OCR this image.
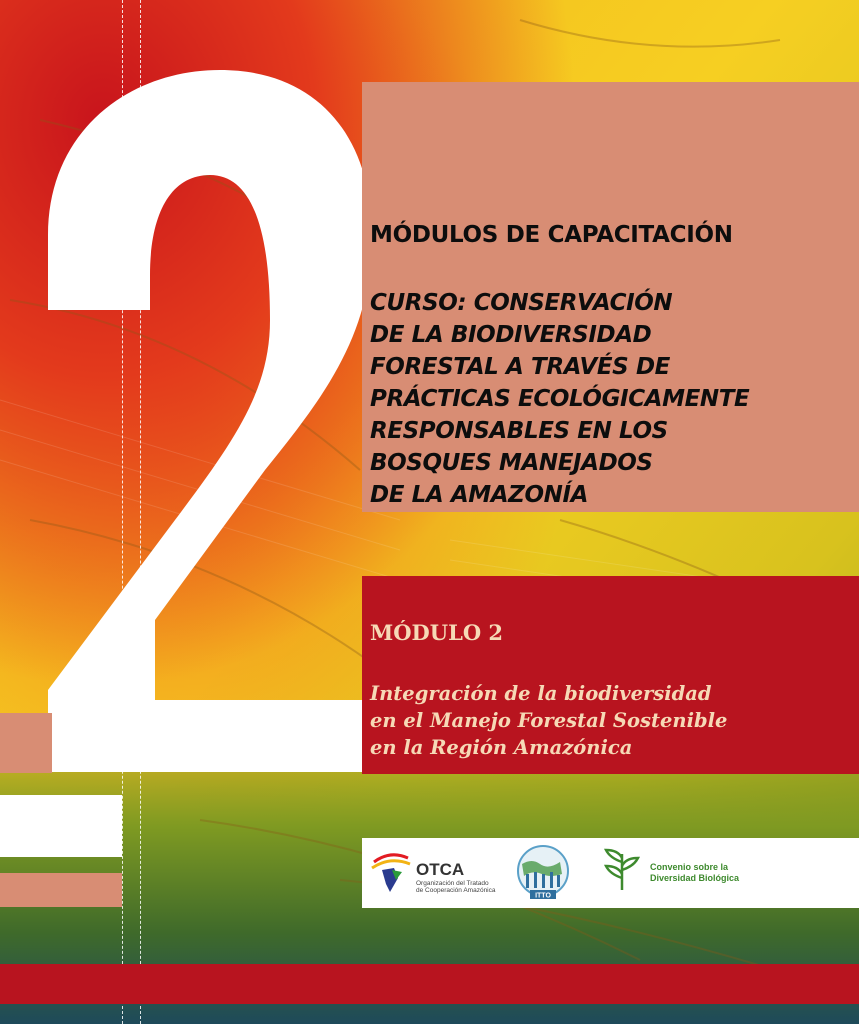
MÓDULOS DE CAPACITACIÓN
CURSO: CONSERVACIÓN
DE LA BIODIVERSIDAD
FORESTAL A TRAVÉS DE
PRÁCTICAS ECOLÓGICAMENTE
RESPONSABLES EN LOS
BOSQUES MANEJADOS
DE LA AMAZONÍA
MÓDULO 2
Integración de la biodiversidad
en el Manejo Forestal Sostenible
en la Región Amazónica
OTCA
Organización del Tratado
de Cooperación Amazónica
ITTO
Convenio sobre la
Diversidad Biológica
